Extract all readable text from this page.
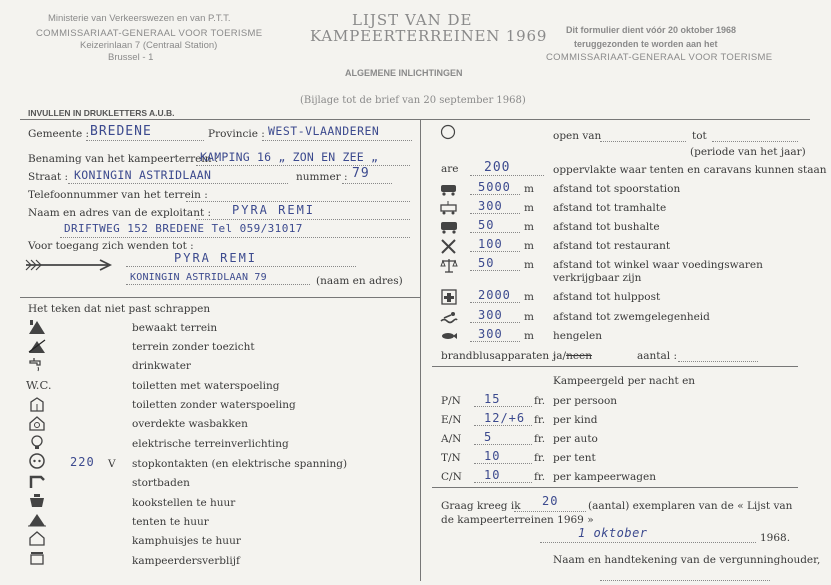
Ministerie van Verkeerswezen en van P.T.T.
COMMISSARIAAT-GENERAAL VOOR TOERISME
Keizerinlaan 7 (Centraal Station)
Brussel - 1
LIJST VAN DE
KAMPEERTERREINEN 1969
ALGEMENE INLICHTINGEN
Dit formulier dient vóór 20 oktober 1968
teruggezonden te worden aan het
COMMISSARIAAT-GENERAAL VOOR TOERISME
(Bijlage tot de brief van 20 september 1968)
INVULLEN IN DRUKLETTERS A.U.B.
Gemeente : BREDENE	Provincie : WEST-VLAANDEREN
Benaming van het kampeerterrein :
KAMPING 16 „ ZON EN ZEE „
Straat : KONINGIN ASTRIDLAAN	nummer : 79
Telefoonnummer van het terrein :
Naam en adres van de exploitant : PYRA REMI
DRIFTWEG 152 BREDENE Tel 059/31017
Voor toegang zich wenden tot :
PYRA REMI
KONINGIN ASTRIDLAAN 79	(naam en adres)
Het teken dat niet past schrappen
bewaakt terrein
terrein zonder toezicht
drinkwater
W.C.	toiletten met waterspoeling
toiletten zonder waterspoeling
overdekte wasbakken
elektrische terreinverlichting
220 V stopkontakten (en elektrische spanning)
stortbaden
kookstellen te huur
tenten te huur
kamphuisjes te huur
kampeerdersverblijf
open van	tot
(periode van het jaar)
are 200	oppervlakte waar tenten en caravans kunnen staan
5000 m afstand tot spoorstation
300 m afstand tot tramhalte
50	m afstand tot bushalte
100 m afstand tot restaurant
50	m afstand tot winkel waar voedingswaren verkrijgbaar zijn
2000 m afstand tot hulppost
300 m afstand tot zwemgelegenheid
300 m hengelen
brandblusapparaten :
ja/neen	aantal :
Kampeergeld per nacht en
P/N 15	fr. per persoon
E/N 12/+6 fr. per kind
A/N 5	fr. per auto
T/N 10	fr. per tent
C/N 10	fr. per kampeerwagen
Graag kreeg ik 20	(aantal) exemplaren van de « Lijst van
de kampeerterreinen 1969 »
1 oktober	1968.
Naam en handtekening van de vergunninghouder,
